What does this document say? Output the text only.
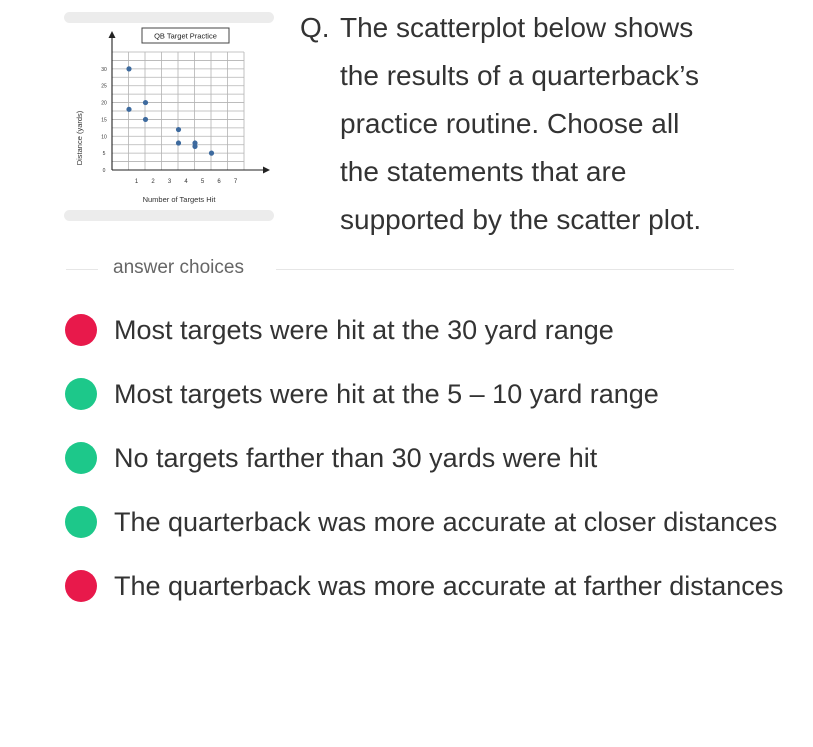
0
5
10
15
20
25
30
1 2 3 4 5 6 7
QB Target Practice
Number of Targets Hit
Distance (yards)

Q. The scatterplot below shows
the results of a quarterback’s
practice routine. Choose all
the statements that are
supported by the scatter plot.

answer choices
Most targets were hit at the 30 yard range
Most targets were hit at the 5 – 10 yard range
No targets farther than 30 yards were hit
The quarterback was more accurate at closer distances
The quarterback was more accurate at farther distances
